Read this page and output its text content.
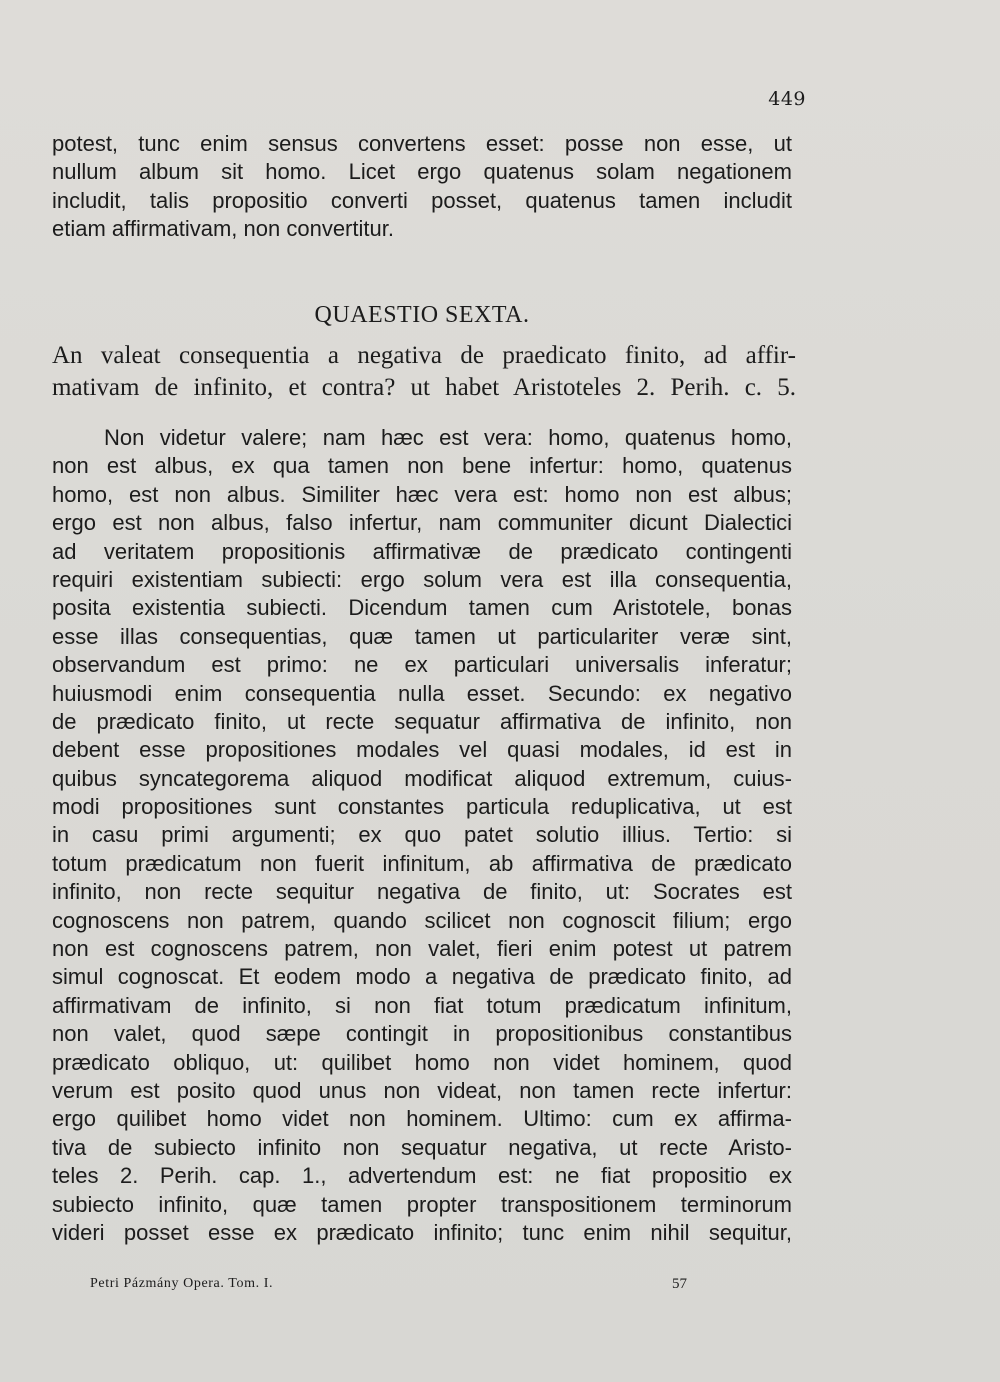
449
potest, tunc enim sensus convertens esset: posse non esse, ut
nullum album sit homo. Licet ergo quatenus solam negationem
includit, talis propositio converti posset, quatenus tamen includit
etiam affirmativam, non convertitur.
QUAESTIO SEXTA.
An valeat consequentia a negativa de praedicato finito, ad affir-
mativam de infinito, et contra? ut habet Aristoteles 2. Perih. c. 5.
Non videtur valere; nam hæc est vera: homo, quatenus homo,
non est albus, ex qua tamen non bene infertur: homo, quatenus
homo, est non albus. Similiter hæc vera est: homo non est albus;
ergo est non albus, falso infertur, nam communiter dicunt Dialectici
ad veritatem propositionis affirmativæ de prædicato contingenti
requiri existentiam subiecti: ergo solum vera est illa consequentia,
posita existentia subiecti. Dicendum tamen cum Aristotele, bonas
esse illas consequentias, quæ tamen ut particulariter veræ sint,
observandum est primo: ne ex particulari universalis inferatur;
huiusmodi enim consequentia nulla esset. Secundo: ex negativo
de prædicato finito, ut recte sequatur affirmativa de infinito, non
debent esse propositiones modales vel quasi modales, id est in
quibus syncategorema aliquod modificat aliquod extremum, cuius-
modi propositiones sunt constantes particula reduplicativa, ut est
in casu primi argumenti; ex quo patet solutio illius. Tertio: si
totum prædicatum non fuerit infinitum, ab affirmativa de prædicato
infinito, non recte sequitur negativa de finito, ut: Socrates est
cognoscens non patrem, quando scilicet non cognoscit filium; ergo
non est cognoscens patrem, non valet, fieri enim potest ut patrem
simul cognoscat. Et eodem modo a negativa de prædicato finito, ad
affirmativam de infinito, si non fiat totum prædicatum infinitum,
non valet, quod sæpe contingit in propositionibus constantibus
prædicato obliquo, ut: quilibet homo non videt hominem, quod
verum est posito quod unus non videat, non tamen recte infertur:
ergo quilibet homo videt non hominem. Ultimo: cum ex affirma-
tiva de subiecto infinito non sequatur negativa, ut recte Aristo-
teles 2. Perih. cap. 1., advertendum est: ne fiat propositio ex
subiecto infinito, quæ tamen propter transpositionem terminorum
videri posset esse ex prædicato infinito; tunc enim nihil sequitur,
Petri Pázmány Opera. Tom. I.	57
